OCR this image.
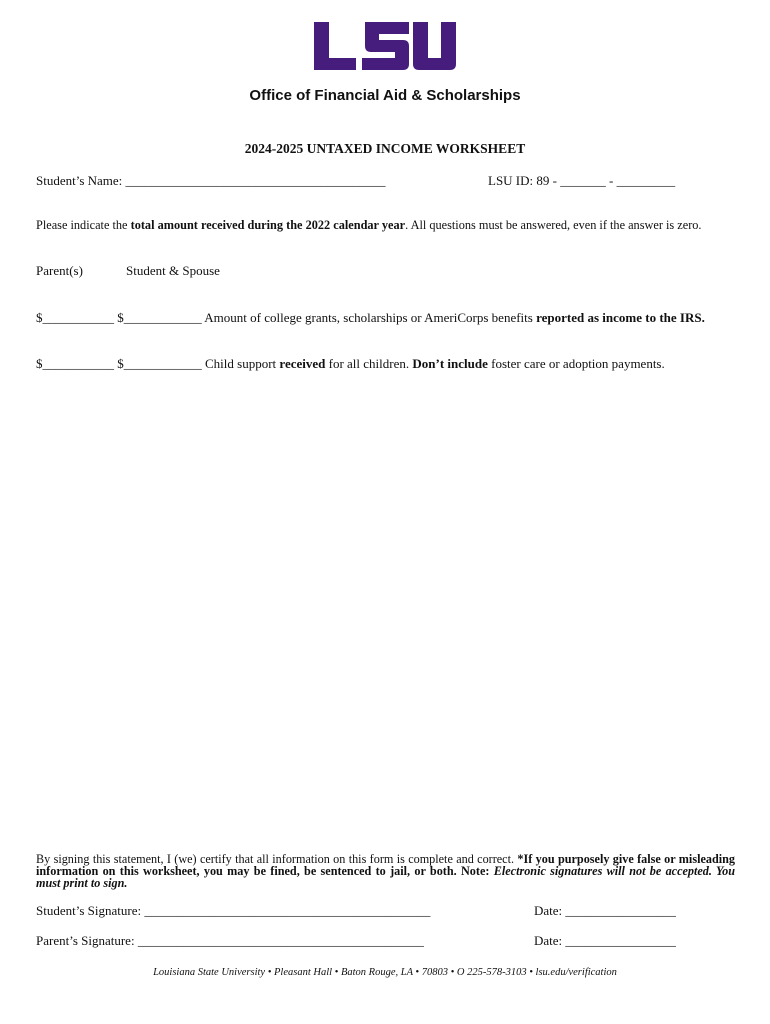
Office of Financial Aid & Scholarships
2024-2025 UNTAXED INCOME WORKSHEET
Student’s Name: ________________________________________	LSU ID: 89 - _______ - _________
Please indicate the total amount received during the 2022 calendar year. All questions must be answered, even if the answer is zero.
Parent(s)	Student & Spouse
$___________ $____________ Amount of college grants, scholarships or AmeriCorps benefits reported as income to the IRS.
$___________ $____________ Child support received for all children. Don’t include foster care or adoption payments.
By signing this statement, I (we) certify that all information on this form is complete and correct. *If you purposely give false or misleading information on this worksheet, you may be fined, be sentenced to jail, or both. Note: Electronic signatures will not be accepted. You must print to sign.
Student’s Signature: ____________________________________________	Date: _________________
Parent’s Signature: ____________________________________________	Date: _________________
Louisiana State University • Pleasant Hall • Baton Rouge, LA • 70803 • O 225-578-3103 • lsu.edu/verification
